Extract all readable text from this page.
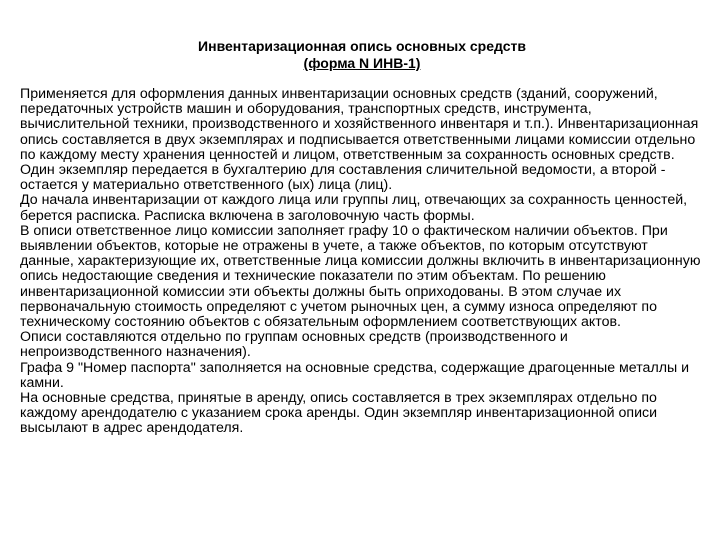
Инвентаризационная опись основных средств
(форма N ИНВ-1)

Применяется для оформления данных инвентаризации основных средств (зданий, сооружений, передаточных устройств машин и оборудования, транспортных средств, инструмента, вычислительной техники, производственного и хозяйственного инвентаря и т.п.). Инвентаризационная опись составляется в двух экземплярах и подписывается ответственными лицами комиссии отдельно по каждому месту хранения ценностей и лицом, ответственным за сохранность основных средств. Один экземпляр передается в бухгалтерию для составления сличительной ведомости, а второй - остается у материально ответственного (ых) лица (лиц).

До начала инвентаризации от каждого лица или группы лиц, отвечающих за сохранность ценностей, берется расписка. Расписка включена в заголовочную часть формы.

В описи ответственное лицо комиссии заполняет графу 10 о фактическом наличии объектов. При выявлении объектов, которые не отражены в учете, а также объектов, по которым отсутствуют данные, характеризующие их, ответственные лица комиссии должны включить в инвентаризационную опись недостающие сведения и технические показатели по этим объектам. По решению инвентаризационной комиссии эти объекты должны быть оприходованы. В этом случае их первоначальную стоимость определяют с учетом рыночных цен, а сумму износа определяют по техническому состоянию объектов с обязательным оформлением соответствующих актов.

Описи составляются отдельно по группам основных средств (производственного и непроизводственного назначения).

Графа 9 "Номер паспорта" заполняется на основные средства, содержащие драгоценные металлы и камни.

На основные средства, принятые в аренду, опись составляется в трех экземплярах отдельно по каждому арендодателю с указанием срока аренды. Один экземпляр инвентаризационной описи высылают в адрес арендодателя.
